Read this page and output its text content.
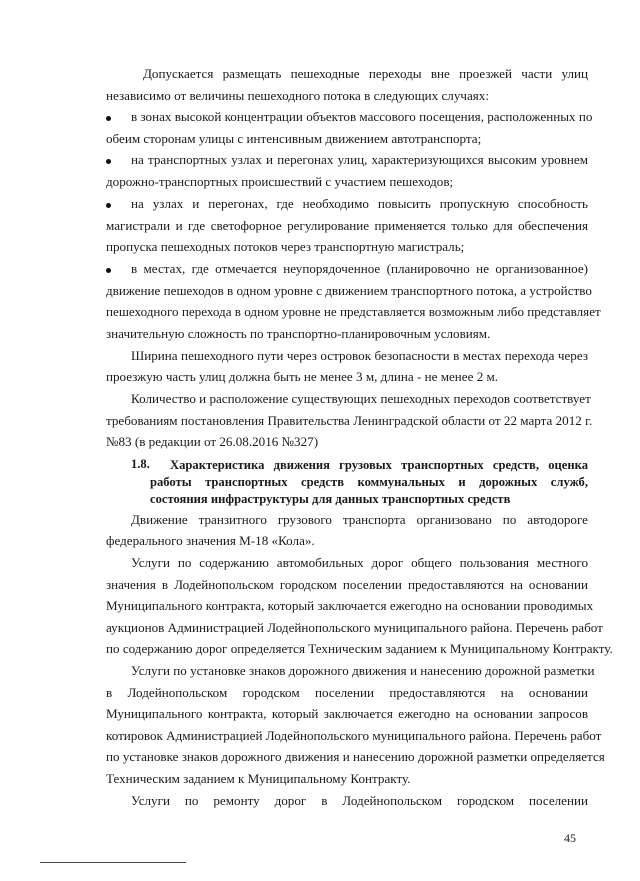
Допускается размещать пешеходные переходы вне проезжей части улиц
независимо от величины пешеходного потока в следующих случаях:
в зонах высокой концентрации объектов массового посещения, расположенных по
обеим сторонам улицы с интенсивным движением автотранспорта;
на транспортных узлах и перегонах улиц, характеризующихся высоким уровнем
дорожно-транспортных происшествий с участием пешеходов;
на узлах и перегонах, где необходимо повысить пропускную способность
магистрали и где светофорное регулирование применяется только для обеспечения
пропуска пешеходных потоков через транспортную магистраль;
в местах, где отмечается неупорядоченное (планировочно не организованное)
движение пешеходов в одном уровне с движением транспортного потока, а устройство
пешеходного перехода в одном уровне не представляется возможным либо представляет
значительную сложность по транспортно-планировочным условиям.
Ширина пешеходного пути через островок безопасности в местах перехода через
проезжую часть улиц должна быть не менее 3 м, длина - не менее 2 м.
Количество и расположение существующих пешеходных переходов соответствует
требованиям постановления Правительства Ленинградской области от 22 марта 2012 г.
№83 (в редакции от 26.08.2016 №327)
1.8. Характеристика движения грузовых транспортных средств, оценка
работы транспортных средств коммунальных и дорожных служб,
состояния инфраструктуры для данных транспортных средств
Движение транзитного грузового транспорта организовано по автодороге
федерального значения М-18 «Кола».
Услуги по содержанию автомобильных дорог общего пользования местного
значения в Лодейнопольском городском поселении предоставляются на основании
Муниципального контракта, который заключается ежегодно на основании проводимых
аукционов Администрацией Лодейнопольского муниципального района. Перечень работ
по содержанию дорог определяется Техническим заданием к Муниципальному Контракту.
Услуги по установке знаков дорожного движения и нанесению дорожной разметки
в Лодейнопольском городском поселении предоставляются на основании
Муниципального контракта, который заключается ежегодно на основании запросов
котировок Администрацией Лодейнопольского муниципального района. Перечень работ
по установке знаков дорожного движения и нанесению дорожной разметки определяется
Техническим заданием к Муниципальному Контракту.
Услуги по ремонту дорог в Лодейнопольском городском поселении
45
